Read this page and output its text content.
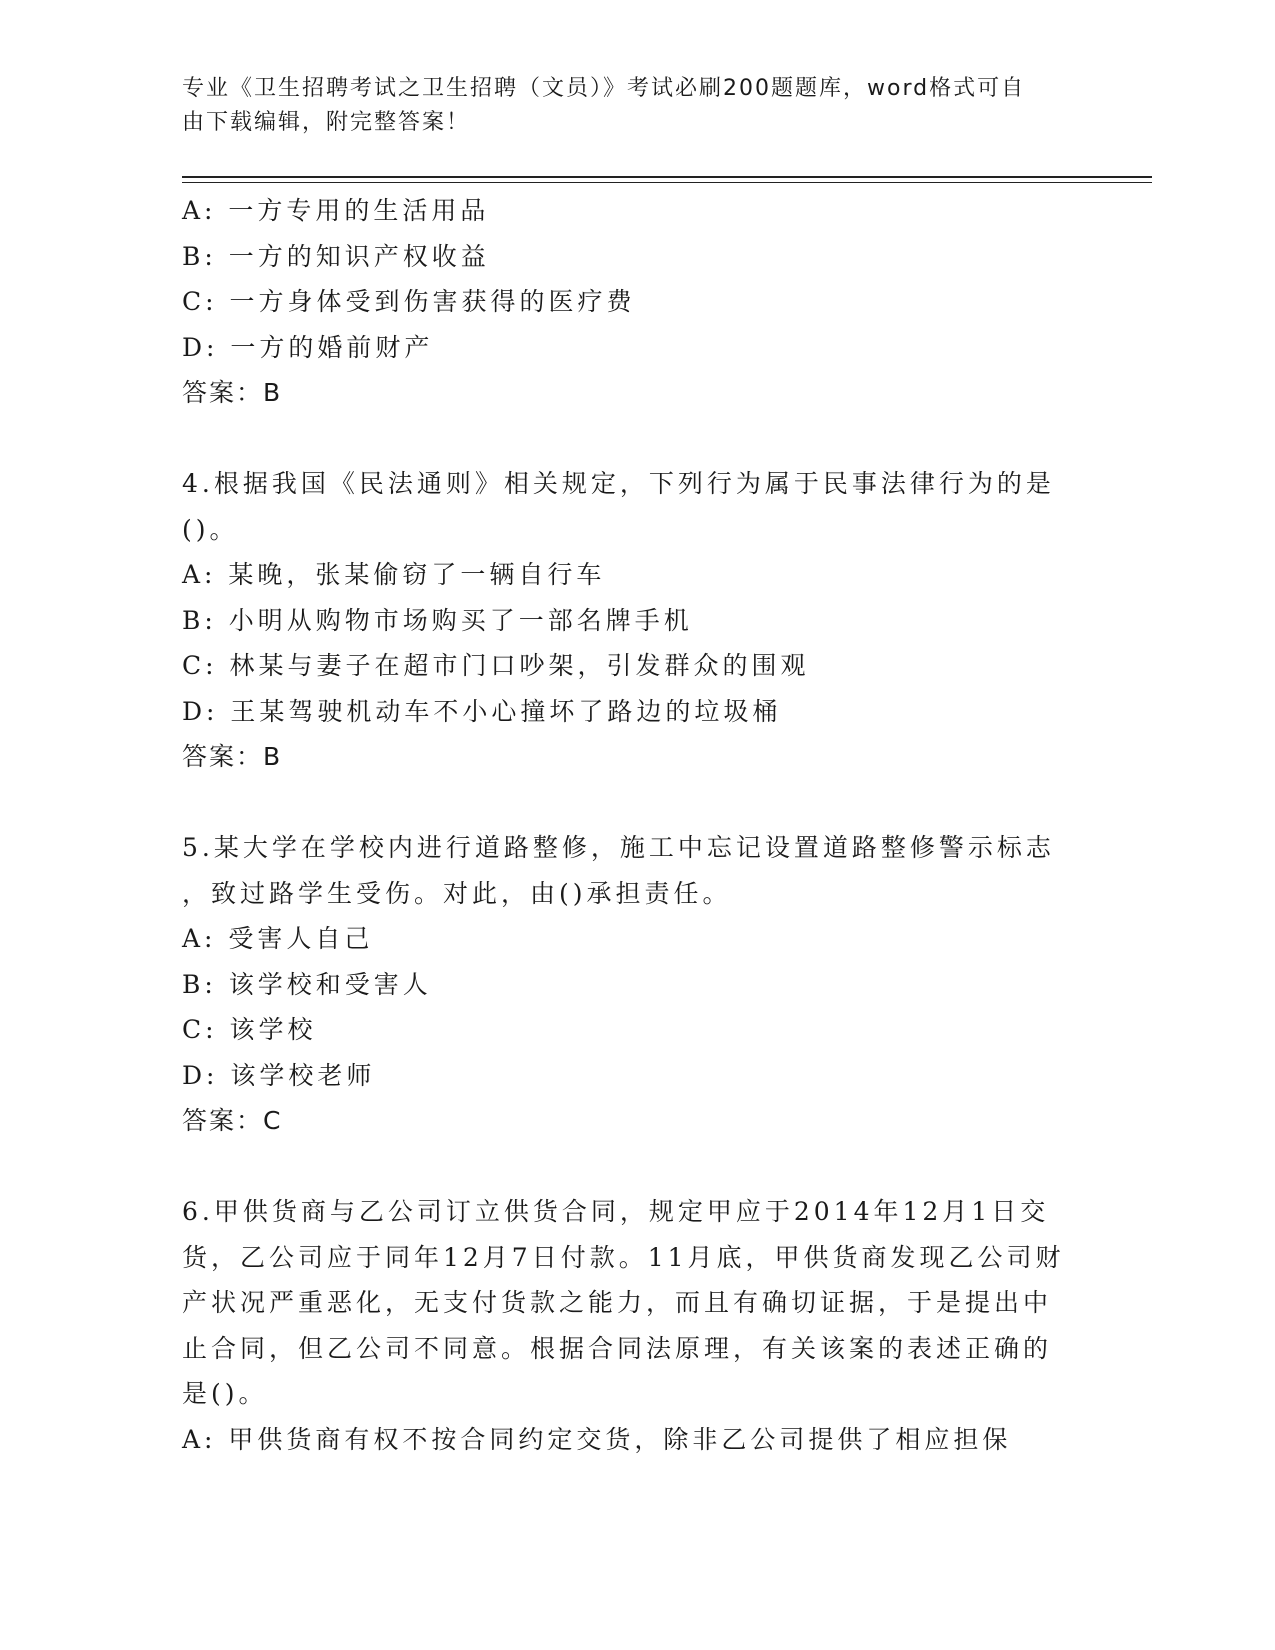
专业《卫生招聘考试之卫生招聘（文员）》考试必刷200题题库，word格式可自
由下载编辑，附完整答案！
A: 一方专用的生活用品
B: 一方的知识产权收益
C: 一方身体受到伤害获得的医疗费
D: 一方的婚前财产
答案：B
4.根据我国《民法通则》相关规定，下列行为属于民事法律行为的是
()。
A: 某晚，张某偷窃了一辆自行车
B: 小明从购物市场购买了一部名牌手机
C: 林某与妻子在超市门口吵架，引发群众的围观
D: 王某驾驶机动车不小心撞坏了路边的垃圾桶
答案：B
5.某大学在学校内进行道路整修，施工中忘记设置道路整修警示标志
，致过路学生受伤。对此，由()承担责任。
A: 受害人自己
B: 该学校和受害人
C: 该学校
D: 该学校老师
答案：C
6.甲供货商与乙公司订立供货合同，规定甲应于2014年12月1日交
货，乙公司应于同年12月7日付款。11月底，甲供货商发现乙公司财
产状况严重恶化，无支付货款之能力，而且有确切证据，于是提出中
止合同，但乙公司不同意。根据合同法原理，有关该案的表述正确的
是()。
A: 甲供货商有权不按合同约定交货，除非乙公司提供了相应担保
